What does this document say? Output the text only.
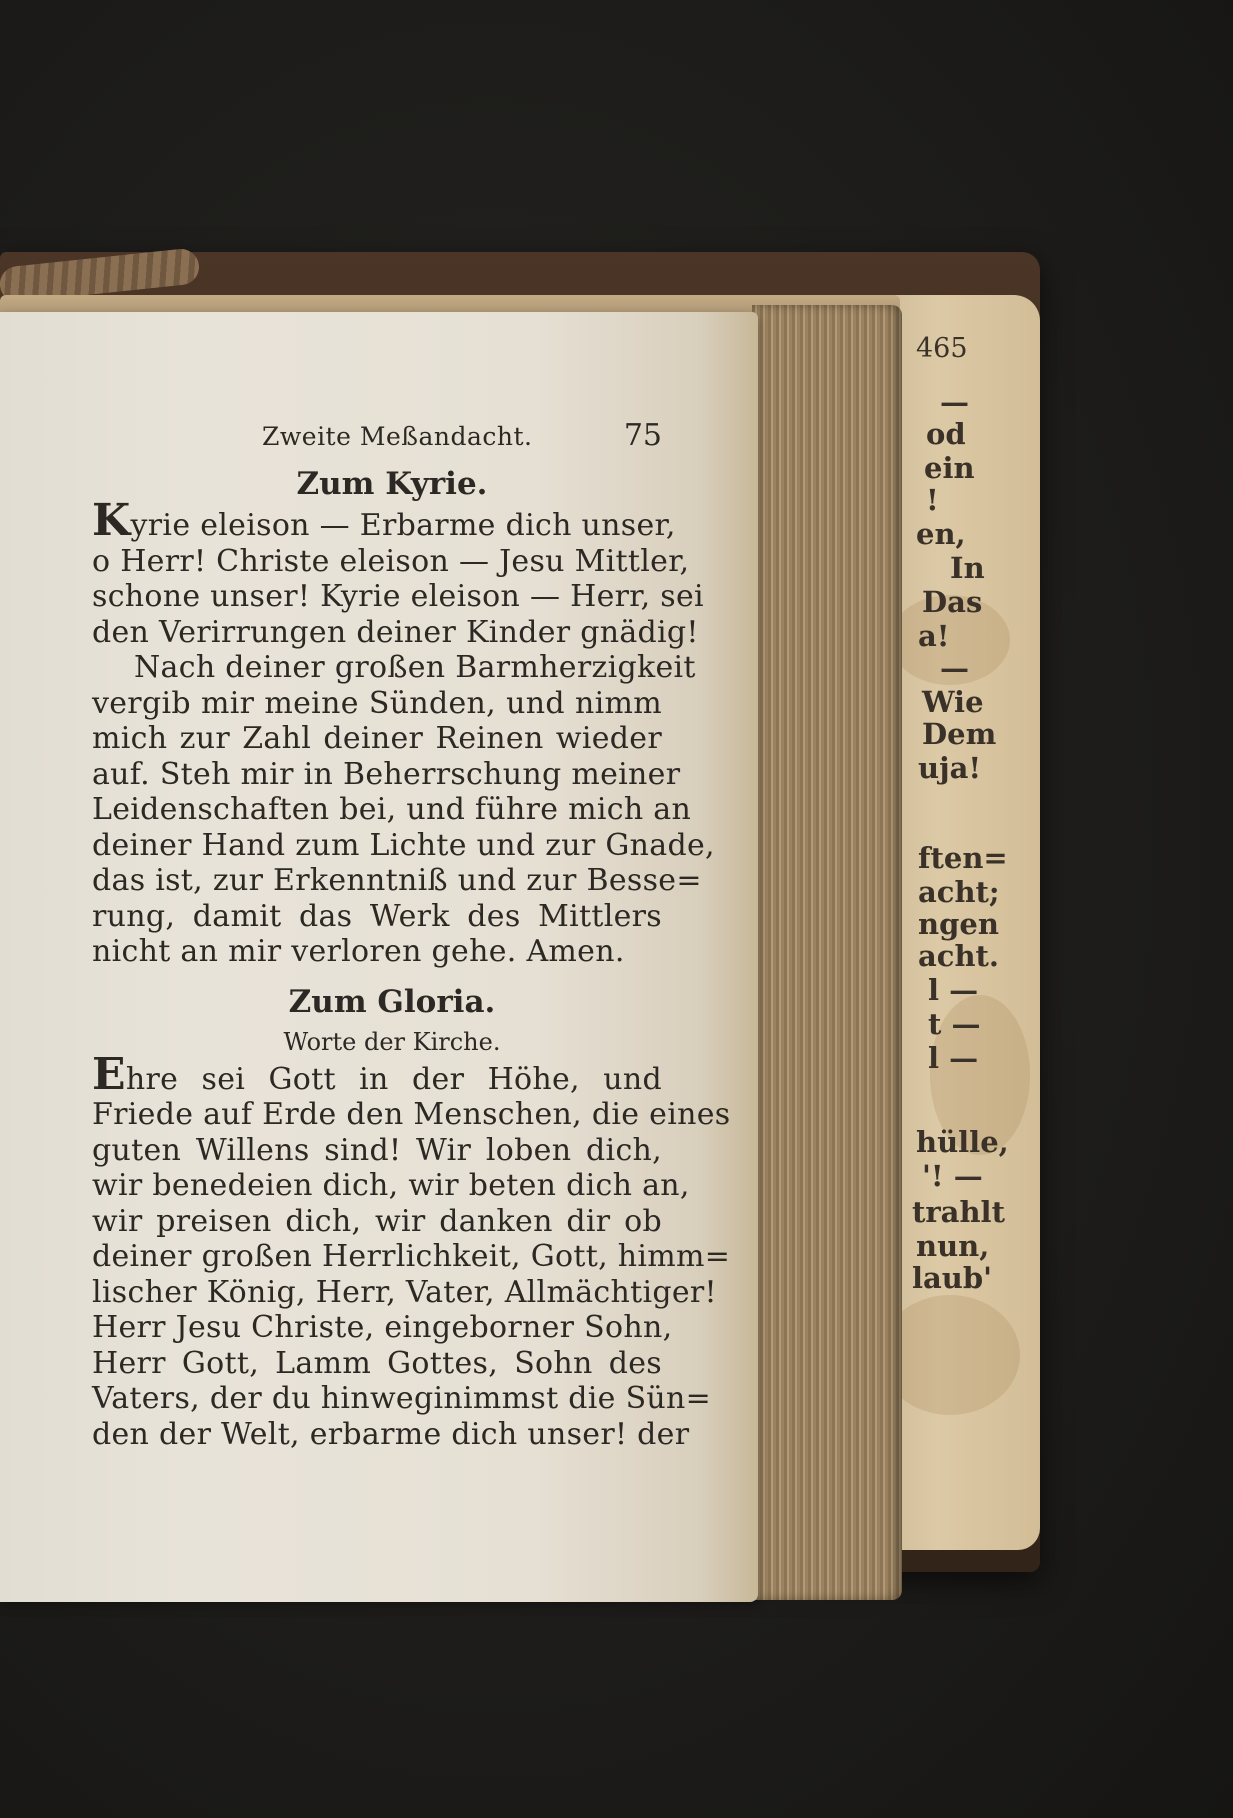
465
—
od
ein
!
en,
In
Das
a!
—
Wie
Dem
uja!
ften=
acht;
ngen
acht.
l —
t —
l —
hülle,
'! —
trahlt
nun,
laub'
Zweite Meßandacht.	75
Zum Kyrie.
Kyrie eleison — Erbarme dich unser,
o Herr! Christe eleison — Jesu Mittler,
schone unser! Kyrie eleison — Herr, sei
den Verirrungen deiner Kinder gnädig!
Nach deiner großen Barmherzigkeit
vergib mir meine Sünden, und nimm
mich zur Zahl deiner Reinen wieder
auf. Steh mir in Beherrschung meiner
Leidenschaften bei, und führe mich an
deiner Hand zum Lichte und zur Gnade,
das ist, zur Erkenntniß und zur Besse=
rung, damit das Werk des Mittlers
nicht an mir verloren gehe. Amen.
Zum Gloria.
Worte der Kirche.
Ehre sei Gott in der Höhe, und
Friede auf Erde den Menschen, die eines
guten Willens sind! Wir loben dich,
wir benedeien dich, wir beten dich an,
wir preisen dich, wir danken dir ob
deiner großen Herrlichkeit, Gott, himm=
lischer König, Herr, Vater, Allmächtiger!
Herr Jesu Christe, eingeborner Sohn,
Herr Gott, Lamm Gottes, Sohn des
Vaters, der du hinweginimmst die Sün=
den der Welt, erbarme dich unser! der
